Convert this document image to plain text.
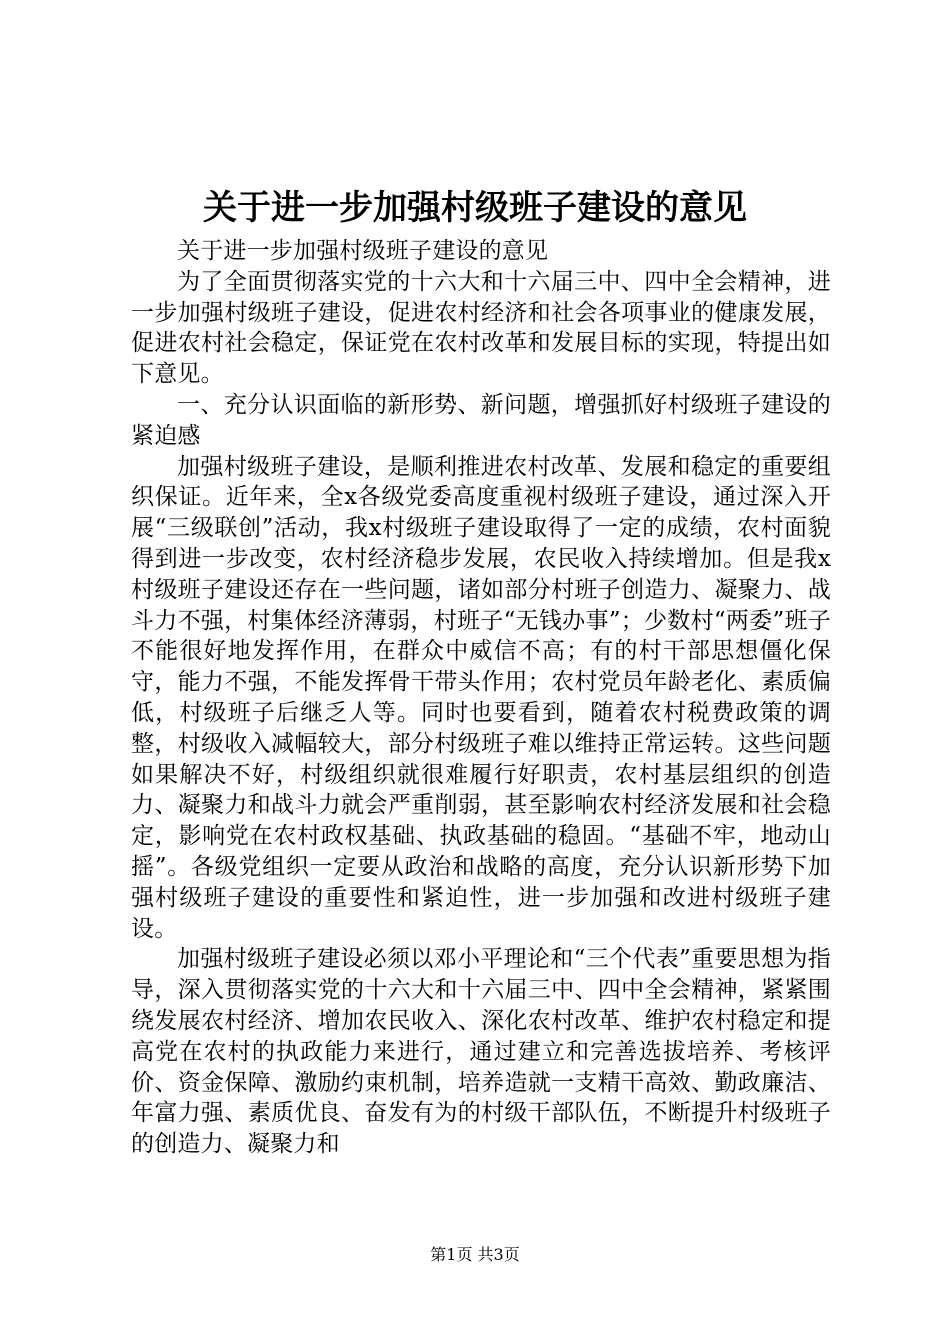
关于进一步加强村级班子建设的意见

关于进一步加强村级班子建设的意见

为了全面贯彻落实党的十六大和十六届三中、四中全会精神，进一步加强村级班子建设，促进农村经济和社会各项事业的健康发展，促进农村社会稳定，保证党在农村改革和发展目标的实现，特提出如下意见。

一、充分认识面临的新形势、新问题，增强抓好村级班子建设的紧迫感

加强村级班子建设，是顺利推进农村改革、发展和稳定的重要组织保证。近年来，全x各级党委高度重视村级班子建设，通过深入开展“三级联创”活动，我x村级班子建设取得了一定的成绩，农村面貌得到进一步改变，农村经济稳步发展，农民收入持续增加。但是我x村级班子建设还存在一些问题，诸如部分村班子创造力、凝聚力、战斗力不强，村集体经济薄弱，村班子“无钱办事”；少数村“两委”班子不能很好地发挥作用，在群众中威信不高；有的村干部思想僵化保守，能力不强，不能发挥骨干带头作用；农村党员年龄老化、素质偏低，村级班子后继乏人等。同时也要看到，随着农村税费政策的调整，村级收入减幅较大，部分村级班子难以维持正常运转。这些问题如果解决不好，村级组织就很难履行好职责，农村基层组织的创造力、凝聚力和战斗力就会严重削弱，甚至影响农村经济发展和社会稳定，影响党在农村政权基础、执政基础的稳固。“基础不牢，地动山摇”。各级党组织一定要从政治和战略的高度，充分认识新形势下加强村级班子建设的重要性和紧迫性，进一步加强和改进村级班子建设。

加强村级班子建设必须以邓小平理论和“三个代表”重要思想为指导，深入贯彻落实党的十六大和十六届三中、四中全会精神，紧紧围绕发展农村经济、增加农民收入、深化农村改革、维护农村稳定和提高党在农村的执政能力来进行，通过建立和完善选拔培养、考核评价、资金保障、激励约束机制，培养造就一支精干高效、勤政廉洁、年富力强、素质优良、奋发有为的村级干部队伍，不断提升村级班子的创造力、凝聚力和

第1页 共3页
